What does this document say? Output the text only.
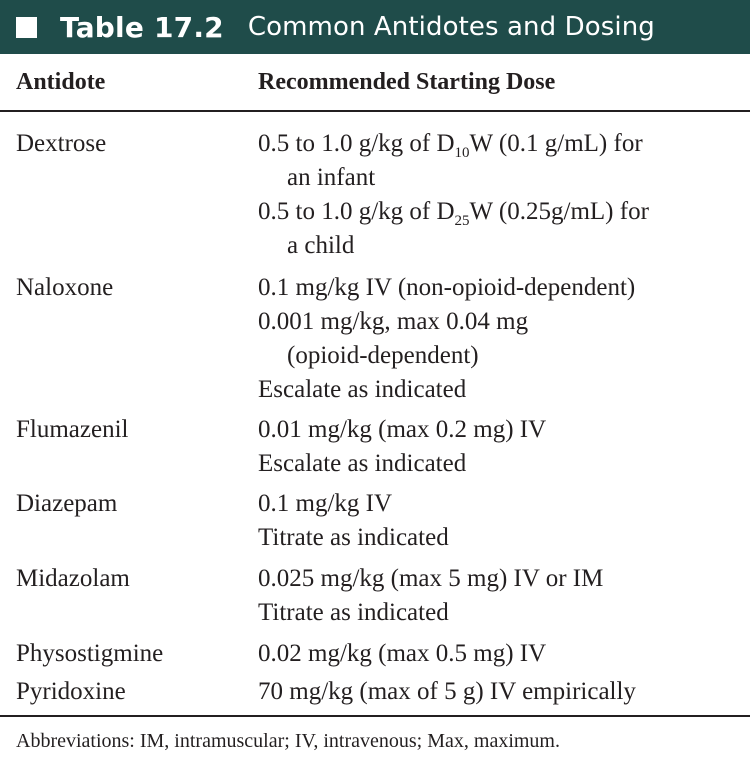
Table 17.2 Common Antidotes and Dosing
Antidote	Recommended Starting Dose
Dextrose	0.5 to 1.0 g/kg of $D_{10}W$ (0.1 g/mL) for
an infant
0.5 to 1.0 g/kg of $D_{25}W$ (0.25g/mL) for
a child
Naloxone	0.1 mg/kg IV (non-opioid-dependent)
0.001 mg/kg, max 0.04 mg
(opioid-dependent)
Escalate as indicated
Flumazenil	0.01 mg/kg (max 0.2 mg) IV
Escalate as indicated
Diazepam	0.1 mg/kg IV
Titrate as indicated
Midazolam	0.025 mg/kg (max 5 mg) IV or IM
Titrate as indicated
Physostigmine	0.02 mg/kg (max 0.5 mg) IV
Pyridoxine	70 mg/kg (max of 5 g) IV empirically
Abbreviations: IM, intramuscular; IV, intravenous; Max, maximum.
